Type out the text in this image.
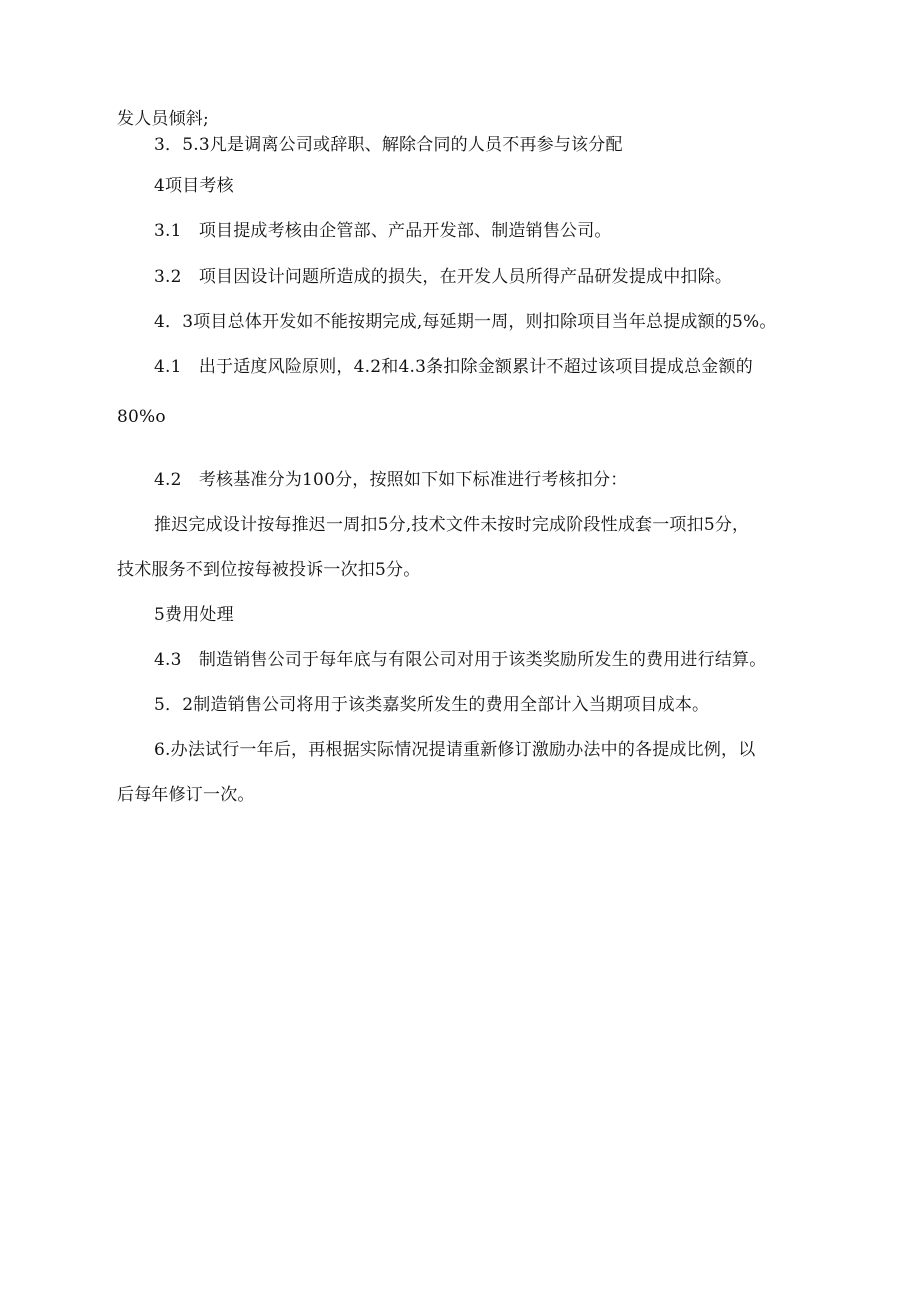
发人员倾斜;
3．5.3凡是调离公司或辞职、解除合同的人员不再参与该分配
4项目考核
3.1　项目提成考核由企管部、产品开发部、制造销售公司。
3.2　项目因设计问题所造成的损失，在开发人员所得产品研发提成中扣除。
4．3项目总体开发如不能按期完成,每延期一周，则扣除项目当年总提成额的5%。
4.1　出于适度风险原则，4.2和4.3条扣除金额累计不超过该项目提成总金额的
80%o
4.2　考核基准分为100分，按照如下如下标准进行考核扣分：
推迟完成设计按每推迟一周扣5分,技术文件未按时完成阶段性成套一项扣5分，
技术服务不到位按每被投诉一次扣5分。
5费用处理
4.3　制造销售公司于每年底与有限公司对用于该类奖励所发生的费用进行结算。
5．2制造销售公司将用于该类嘉奖所发生的费用全部计入当期项目成本。
6.办法试行一年后，再根据实际情况提请重新修订激励办法中的各提成比例，以
后每年修订一次。
